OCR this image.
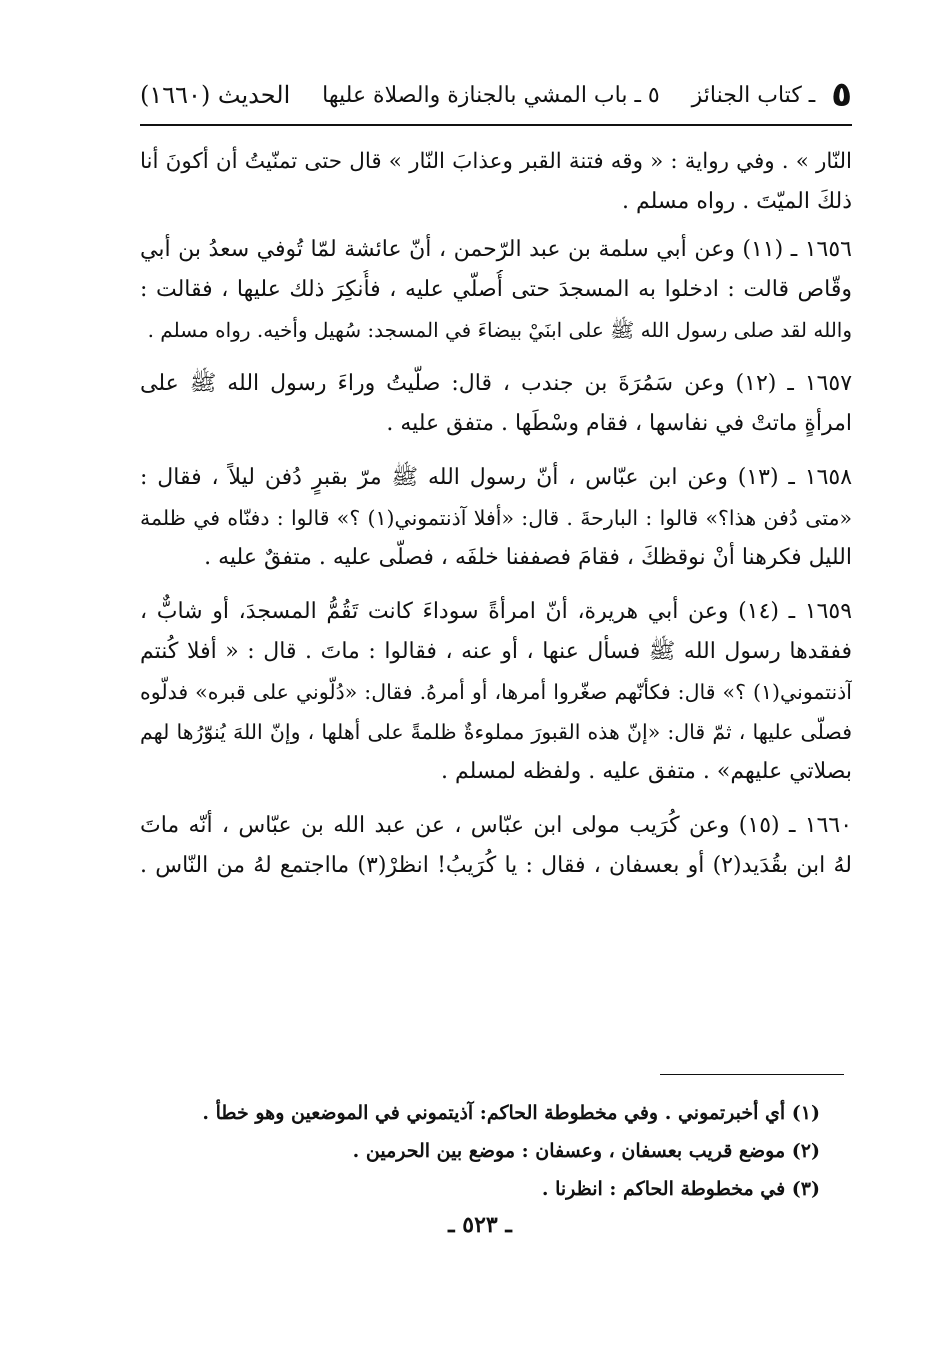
٥
ـ كتاب الجنائز
٥ ـ باب المشي بالجنازة والصلاة عليها
الحديث (١٦٦٠)
النّار » . وفي رواية : « وقه فتنة القبر وعذابَ النّار » قال حتى تمنّيتُ أن أكونَ أنا
ذلكَ الميّتَ . رواه مسلم .
١٦٥٦ ـ (١١) وعن أبي سلمة بن عبد الرّحمن ، أنّ عائشة لمّا تُوفي سعدُ بن أبي
وقّاص قالت : ادخلوا به المسجدَ حتى أُصلّي عليه ، فأُنكِرَ ذلك عليها ، فقالت :
والله لقد صلى رسول الله ﷺ على ابنَيْ بيضاءَ في المسجد: سُهيل وأخيه. رواه مسلم .
١٦٥٧ ـ (١٢) وعن سَمُرَةَ بن جندب ، قال: صلّيتُ وراءَ رسول الله ﷺ على
امرأةٍ ماتتْ في نفاسها ، فقام وسْطَها . متفق عليه .
١٦٥٨ ـ (١٣) وعن ابن عبّاس ، أنّ رسول الله ﷺ مرّ بقبرٍ دُفن ليلاً ، فقال :
«متى دُفن هذا؟» قالوا : البارحةَ . قال: «أفلا آذنتموني(١) ؟» قالوا : دفنّاه في ظلمة
الليل فكرهنا أنْ نوقظكَ ، فقامَ فصففنا خلفَه ، فصلّى عليه . متفقٌ عليه .
١٦٥٩ ـ (١٤) وعن أبي هريرة، أنّ امرأةً سوداءَ كانت تَقُمُّ المسجدَ، أو شابٌّ ،
ففقدها رسول الله ﷺ فسأل عنها ، أو عنه ، فقالوا : ماتَ . قال : « أفلا كُنتم
آذنتموني(١) ؟» قال: فكأنّهم صغّروا أمرها، أو أمرهُ. فقال: «دُلّوني على قبره» فدلّوه
فصلّى عليها ، ثمّ قال: «إنّ هذه القبورَ مملوءةٌ ظلمةً على أهلها ، وإنّ اللهَ يُنوّرُها لهم
بصلاتي عليهم» . متفق عليه . ولفظه لمسلم .
١٦٦٠ ـ (١٥) وعن كُرَيب مولى ابن عبّاس ، عن عبد الله بن عبّاس ، أنّه ماتَ
لهُ ابن بقُدَيد(٢) أو بعسفان ، فقال : يا كُرَيبُ! انظرْ(٣) مااجتمع لهُ من النّاس .
(١) أي أخبرتموني . وفي مخطوطة الحاكم: آذيتموني في الموضعين وهو خطأ .
(٢) موضع قريب بعسفان ، وعسفان : موضع بين الحرمين .
(٣) في مخطوطة الحاكم : انظرنا .
ـ ٥٢٣ ـ
